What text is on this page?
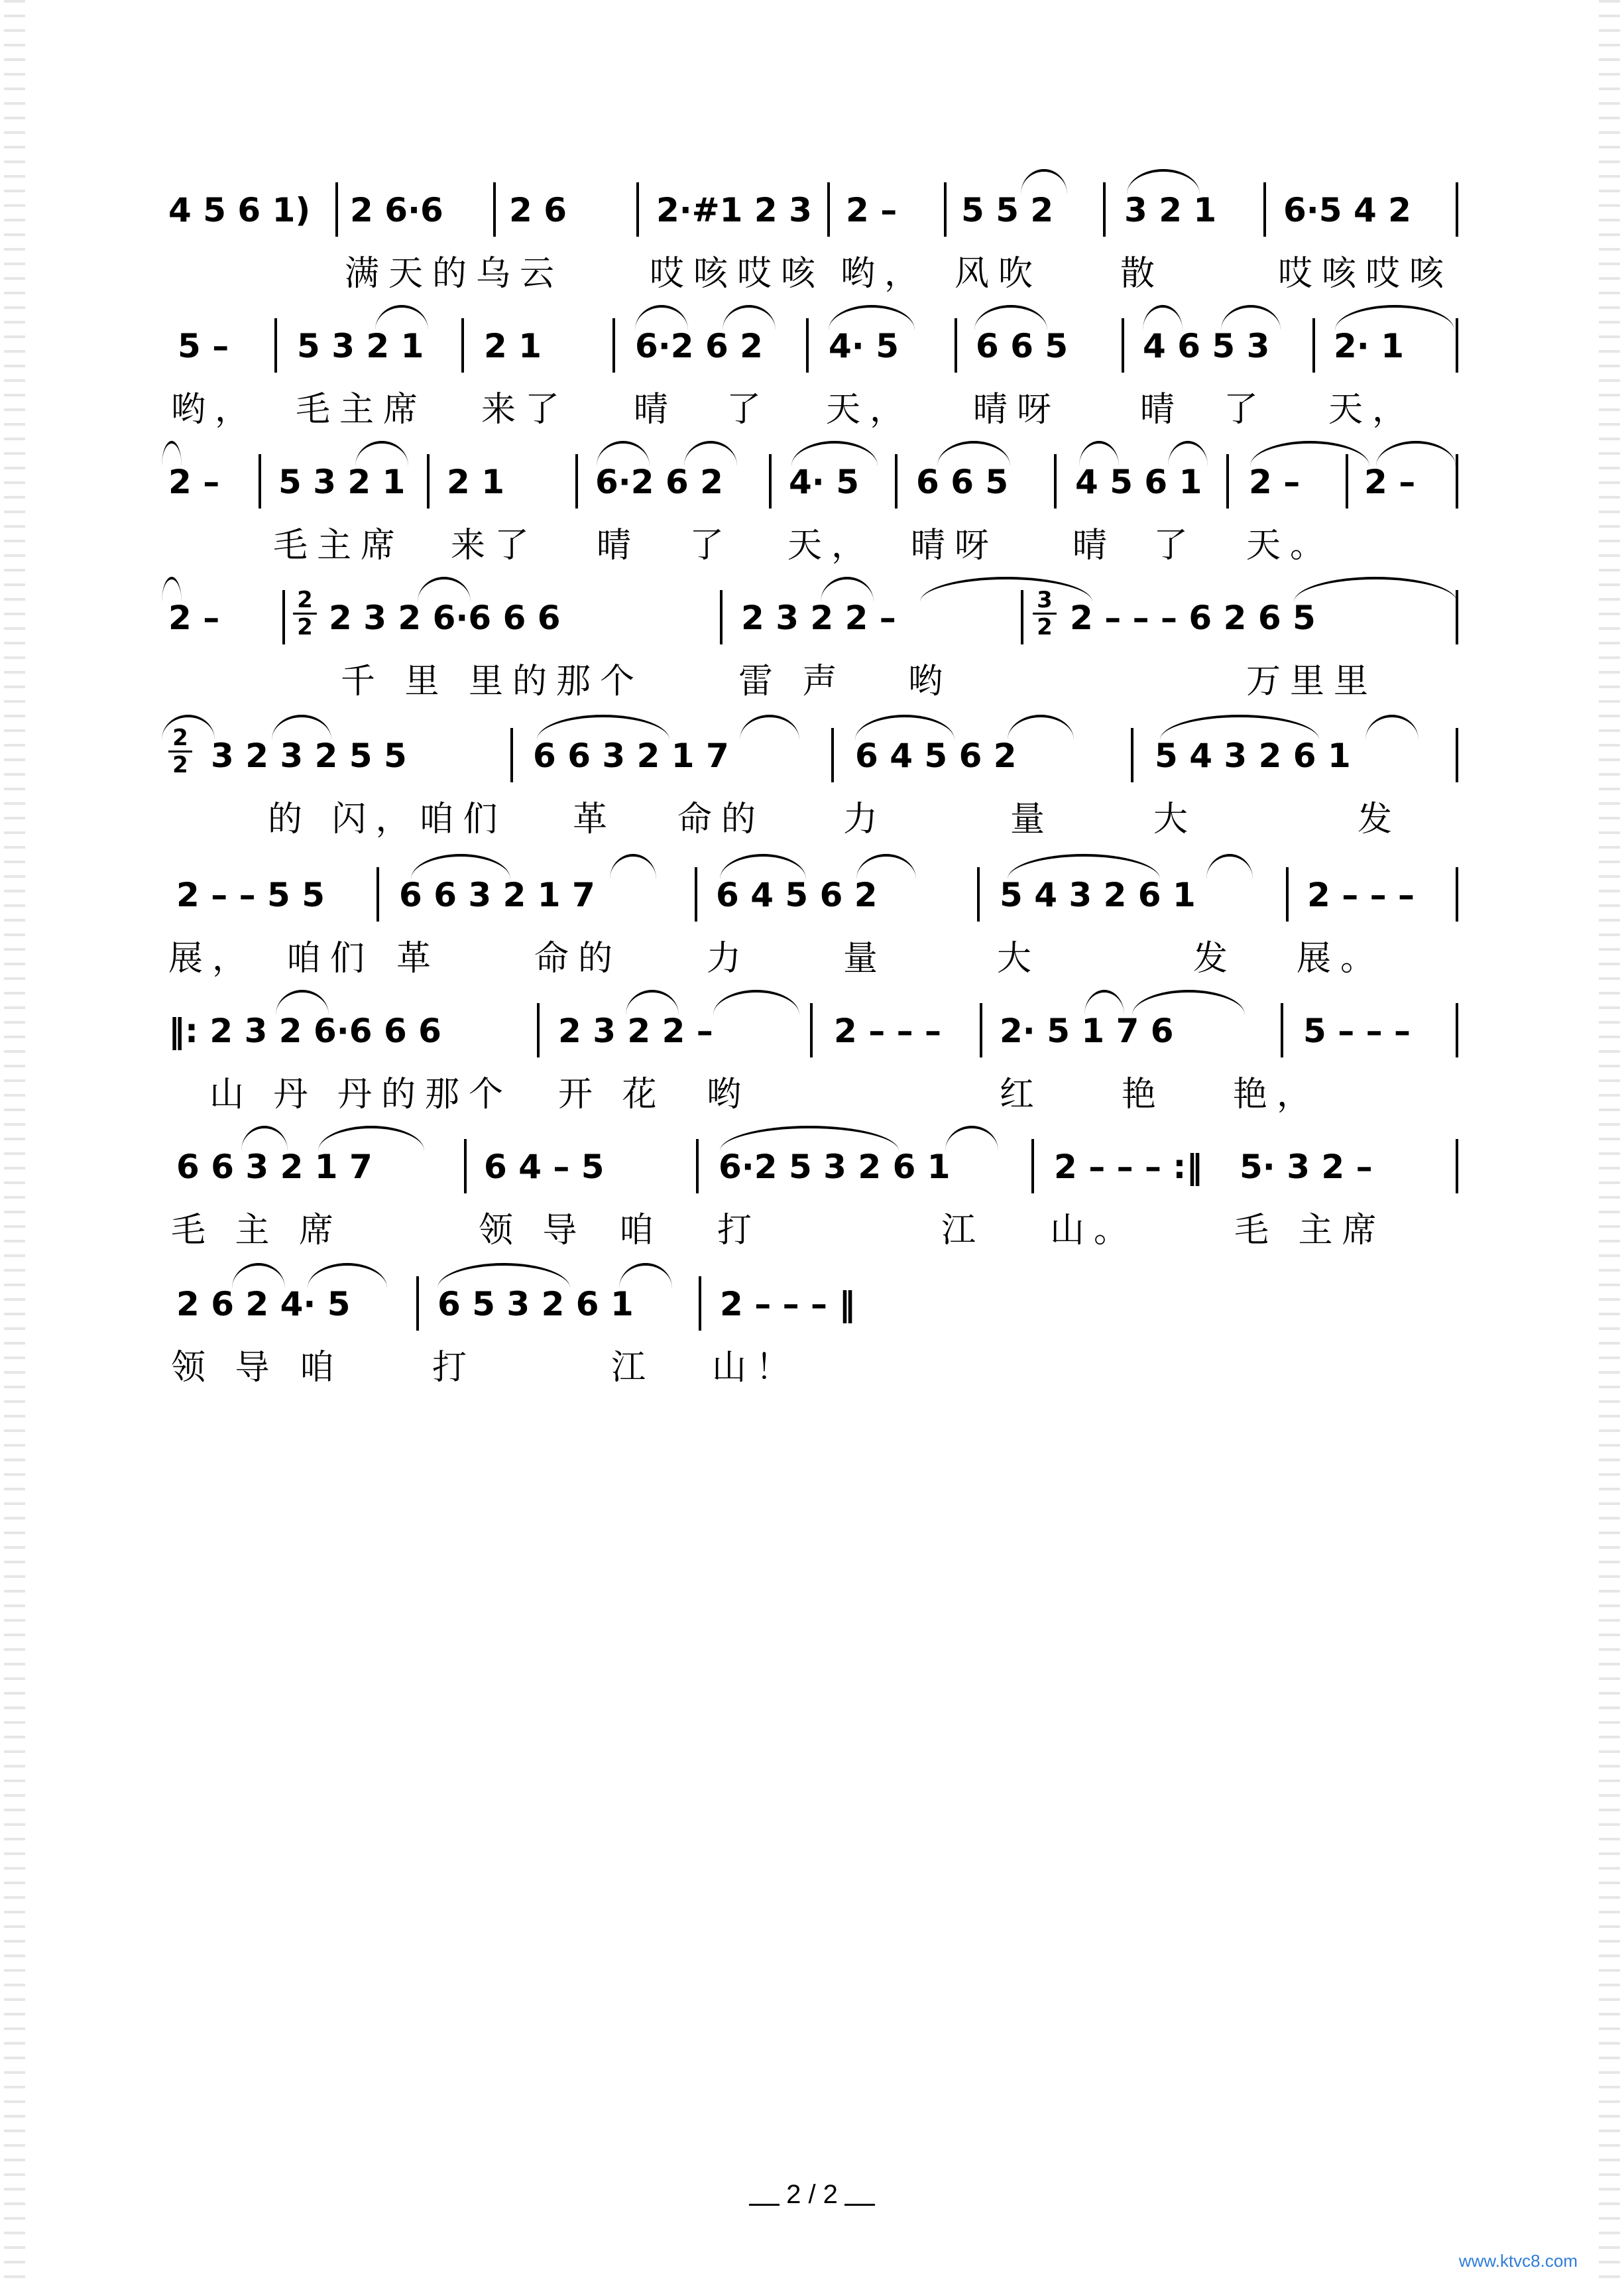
4 5 6 1) 2 6·6 2 6	2·#1 2 3 2 – 5 5 2 3 2 1 6·5 4 2
满天的乌云 哎咳哎咳 哟， 风吹 散	哎咳哎咳
5 – 5 3 2 1 2 1	6·2 6 2 4· 5 6 6 5 4 6 5 3 2· 1
哟， 毛主席 来了 晴 了 天， 晴呀 晴 了 天，
2 – 5 3 2 1 2 1	6·2 6 2 4· 5 6 6 5 4 5 6 1 2 – 2 –
毛主席 来了 晴 了 天， 晴呀 晴 了 天。
2 –	2
2 2 3 2 6·6 6 6	2 3 2 2 –	3
2 2 – – – 6 2 6 5
千 里 里的那个	雷 声 哟	万里里
2
2 3 2 3 2 5 5	6 6 3 2 1 7	6 4 5 6 2	5 4 3 2 6 1
的 闪，咱们 革 命的 力	量	大	发
2 – – 5 5 6 6 3 2 1 7	6 4 5 6 2	5 4 3 2 6 1	2 – – –
展， 咱们 革	命的 力	量	大	发 展。
‖: 2 3 2 6·6 6 6	2 3 2 2 –	2 – – – 2· 5 1 7 6	5 – – –
山 丹 丹的那个 开 花 哟	红 艳 艳，
6 6 3 2 1 7	6 4 – 5	6·2 5 3 2 6 1	2 – – – :‖ 5· 3 2 –
毛 主 席	领 导 咱 打	江 山。	毛 主席
2 6 2 4· 5	6 5 3 2 6 1	2 – – – ‖
领 导 咱	打	江 山！
2 / 2
www.ktvc8.com
